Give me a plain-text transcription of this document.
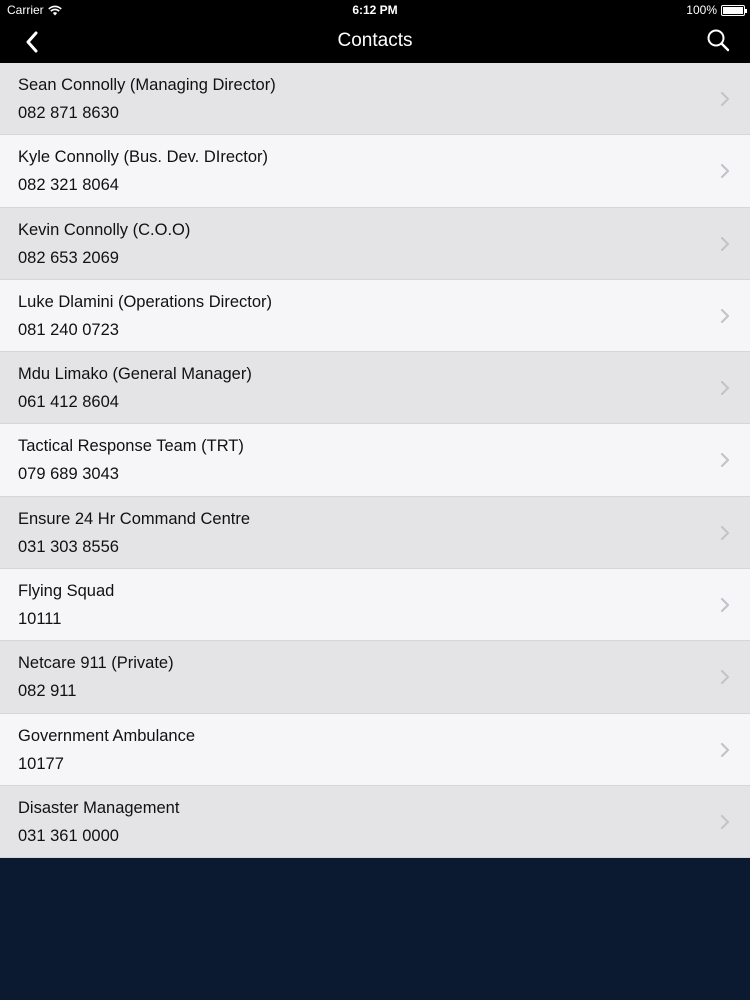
Carrier	6:12 PM	100%
Contacts
Sean Connolly (Managing Director)
082 871 8630
Kyle Connolly (Bus. Dev. DIrector)
082 321 8064
Kevin Connolly (C.O.O)
082 653 2069
Luke Dlamini (Operations Director)
081 240 0723
Mdu Limako (General Manager)
061 412 8604
Tactical Response Team (TRT)
079 689 3043
Ensure 24 Hr Command Centre
031 303 8556
Flying Squad
10111
Netcare 911 (Private)
082 911
Government Ambulance
10177
Disaster Management
031 361 0000
